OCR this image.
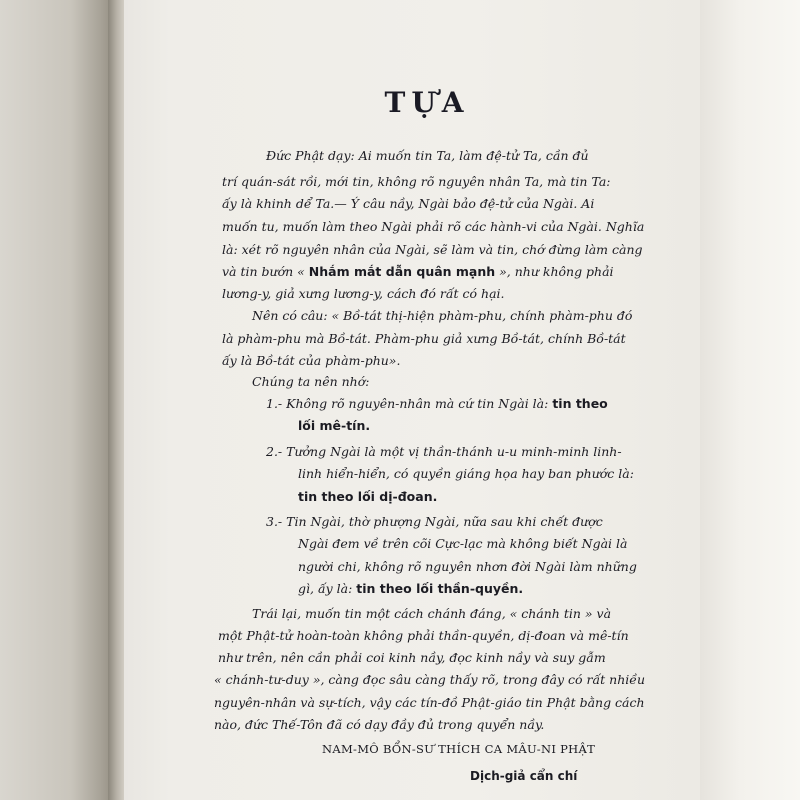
TỰA
Đức Phật dạy: Ai muốn tin Ta, làm đệ-tử Ta, cần đủ
trí quán-sát rồi, mới tin, không rõ nguyên nhân Ta, mà tin Ta:
ấy là khinh dể Ta.— Ý câu nầy, Ngài bảo đệ-tử của Ngài. Ai
muốn tu, muốn làm theo Ngài phải rõ các hành-vi của Ngài. Nghĩa
là: xét rõ nguyên nhân của Ngài, sẽ làm và tin, chớ đừng làm càng
và tin bướn « Nhắm mắt dẫn quân mạnh », như không phải
lương-y, giả xưng lương-y, cách đó rất có hại.
Nên có câu: « Bồ-tát thị-hiện phàm-phu, chính phàm-phu đó
là phàm-phu mà Bồ-tát. Phàm-phu giả xưng Bồ-tát, chính Bồ-tát
ấy là Bồ-tát của phàm-phu».
Chúng ta nên nhớ:
1.- Không rõ nguyên-nhân mà cứ tin Ngài là: tin theo
lối mê-tín.
2.- Tưởng Ngài là một vị thần-thánh u-u minh-minh linh-
linh hiển-hiển, có quyền giáng họa hay ban phước là:
tin theo lối dị-đoan.
3.- Tin Ngài, thờ phượng Ngài, nữa sau khi chết được
Ngài đem về trên cõi Cực-lạc mà không biết Ngài là
người chi, không rõ nguyên nhơn đời Ngài làm những
gì, ấy là: tin theo lối thần-quyền.
Trái lại, muốn tin một cách chánh đáng, « chánh tin » và
một Phật-tử hoàn-toàn không phải thần-quyền, dị-đoan và mê-tín
như trên, nên cần phải coi kinh nầy, đọc kinh nầy và suy gẫm
« chánh-tư-duy », càng đọc sâu càng thấy rõ, trong đây có rất nhiều
nguyên-nhân và sự-tích, vậy các tín-đồ Phật-giáo tin Phật bằng cách
nào, đức Thế-Tôn đã có dạy đầy đủ trong quyển nầy.
NAM-MÔ BỔN-SƯ THÍCH CA MÂU-NI PHẬT
Dịch-giả cẩn chí
